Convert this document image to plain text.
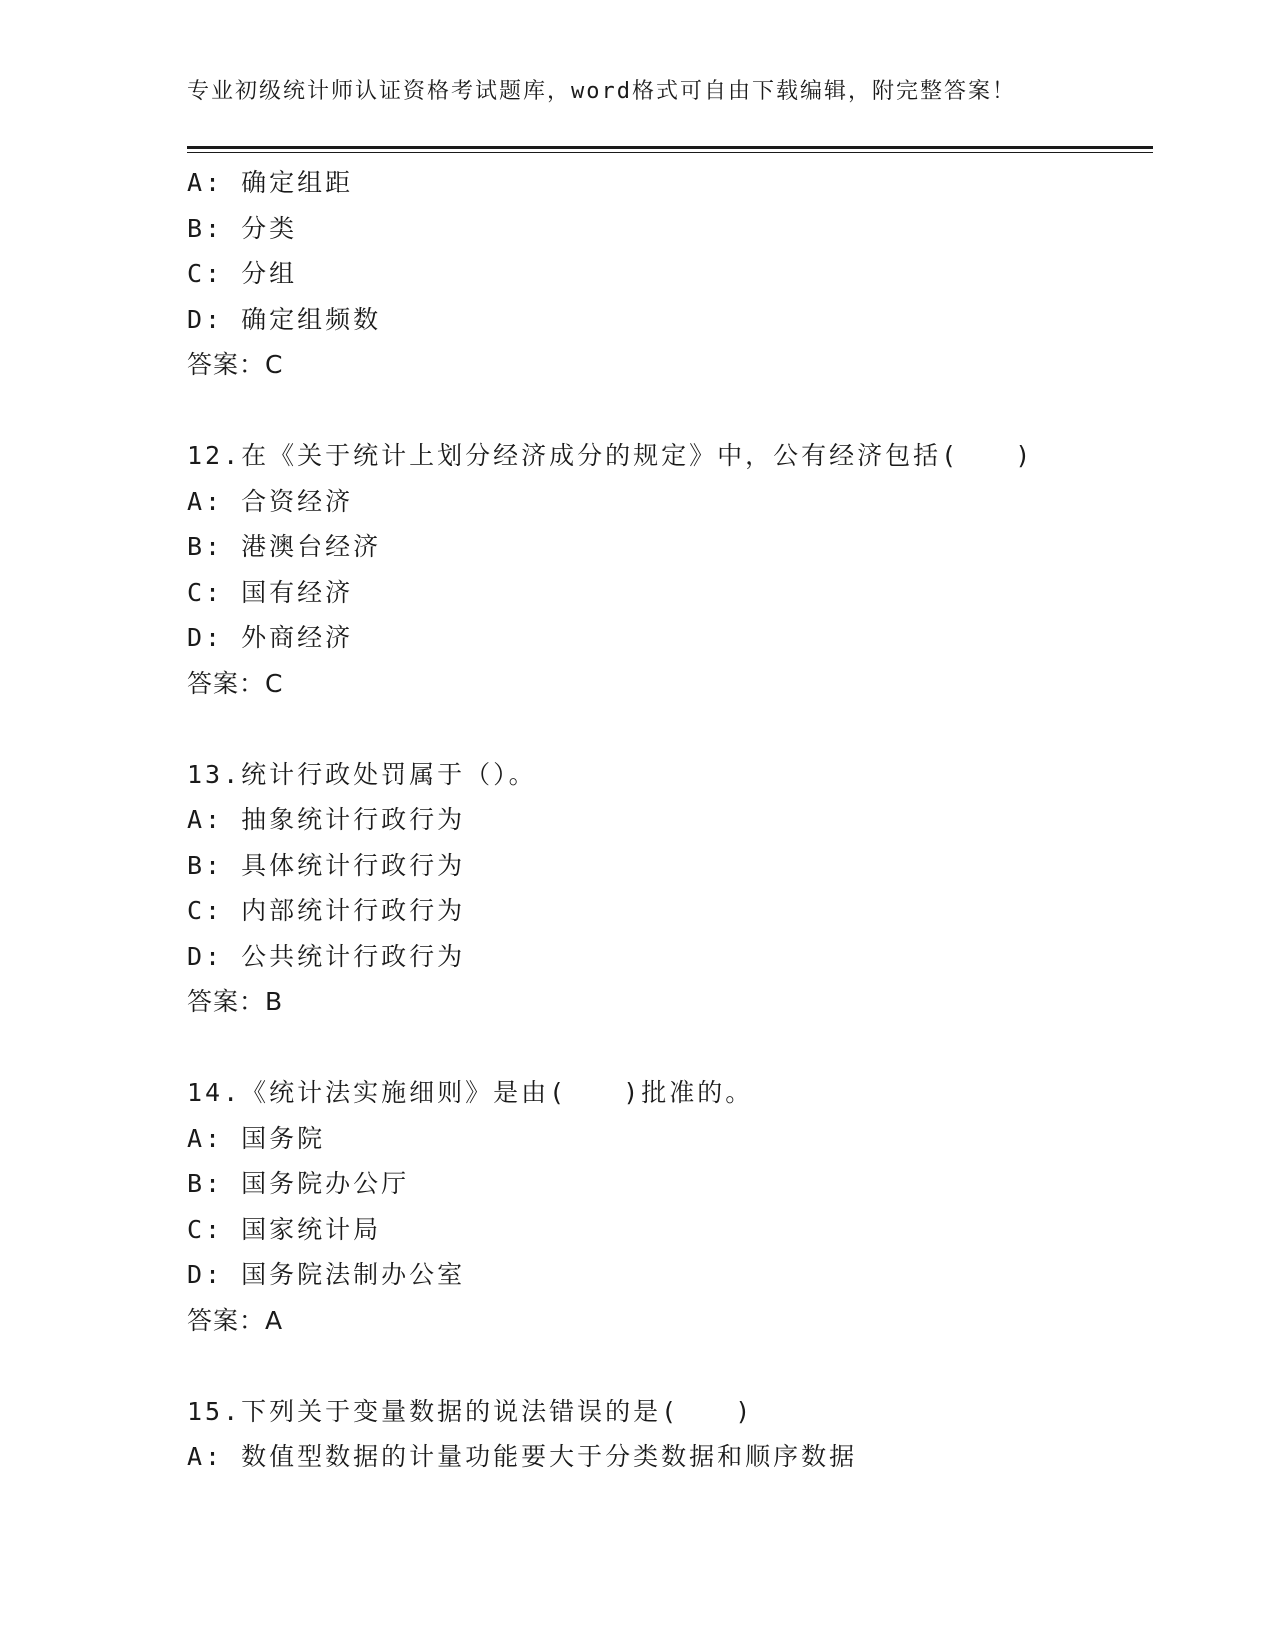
专业初级统计师认证资格考试题库，word格式可自由下载编辑，附完整答案！
A: 确定组距
B: 分类
C: 分组
D: 确定组频数
答案：C
12.在《关于统计上划分经济成分的规定》中，公有经济包括(　　)
A: 合资经济
B: 港澳台经济
C: 国有经济
D: 外商经济
答案：C
13.统计行政处罚属于（）。
A: 抽象统计行政行为
B: 具体统计行政行为
C: 内部统计行政行为
D: 公共统计行政行为
答案：B
14.《统计法实施细则》是由(　　)批准的。
A: 国务院
B: 国务院办公厅
C: 国家统计局
D: 国务院法制办公室
答案：A
15.下列关于变量数据的说法错误的是(　　)
A: 数值型数据的计量功能要大于分类数据和顺序数据
